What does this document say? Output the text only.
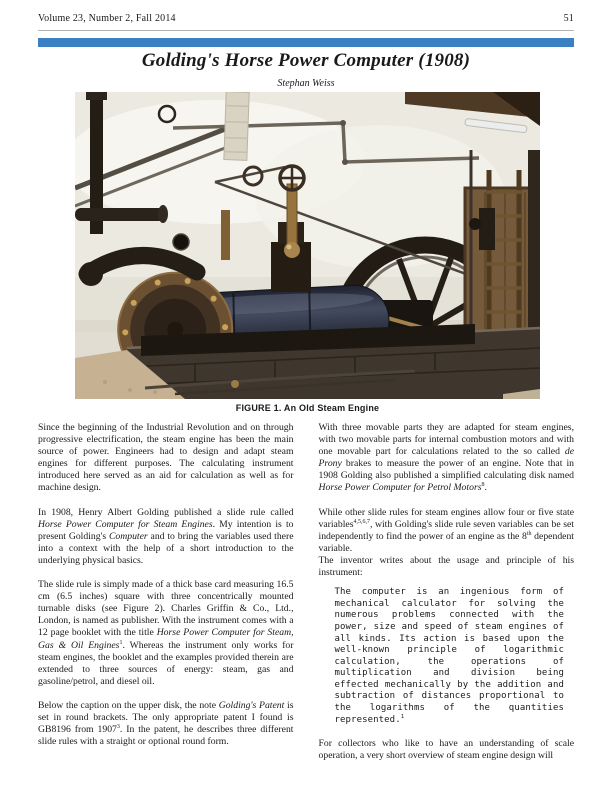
Volume 23, Number 2, Fall 2014	51
Golding's Horse Power Computer (1908)
Stephan Weiss
FIGURE 1. An Old Steam Engine

Since the beginning of the Industrial Revolution and on through progressive electrification, the steam engine has been the main source of power. Engineers had to design and adapt steam engines for different purposes. The calculating instrument introduced here served as an aid for calculation as well as for machine design.

In 1908, Henry Albert Golding published a slide rule called Horse Power Computer for Steam Engines. My intention is to present Golding's Computer and to bring the variables used there into a context with the help of a short introduction to the underlying physical basics.

The slide rule is simply made of a thick base card measuring 16.5 cm (6.5 inches) square with three concentrically mounted turnable disks (see Figure 2). Charles Griffin & Co., Ltd., London, is named as publisher. With the instrument comes with a 12 page booklet with the title Horse Power Computer for Steam, Gas & Oil Engines$^1$. Whereas the instrument only works for steam engines, the booklet and the examples provided therein are extended to three sources of energy: steam, gas and gasoline/petrol, and diesel oil.

Below the caption on the upper disk, the note Golding's Patent is set in round brackets. The only appropriate patent I found is GB8196 from 1907$^3$. In the patent, he describes three different slide rules with a straight or optional round form.

With three movable parts they are adapted for steam engines, with two movable parts for internal combustion motors and with one movable part for calculations related to the so called de Prony brakes to measure the power of an engine. Note that in 1908 Golding also published a simplified calculating disk named Horse Power Computer for Petrol Motors$^8$.

While other slide rules for steam engines allow four or five state variables$^{4,5,6,7}$, with Golding's slide rule seven variables can be set independently to find the power of an engine as the 8th dependent variable.

The inventor writes about the usage and principle of his instrument:

The computer is an ingenious form of mechanical calculator for solving the numerous problems connected with the power, size and speed of steam engines of all kinds. Its action is based upon the well-known principle of logarithmic calculation, the operations of multiplication and division being effected mechanically by the addition and subtraction of distances proportional to the logarithms of the quantities represented.$^1$

For collectors who like to have an understanding of scale operation, a very short overview of steam engine design will
